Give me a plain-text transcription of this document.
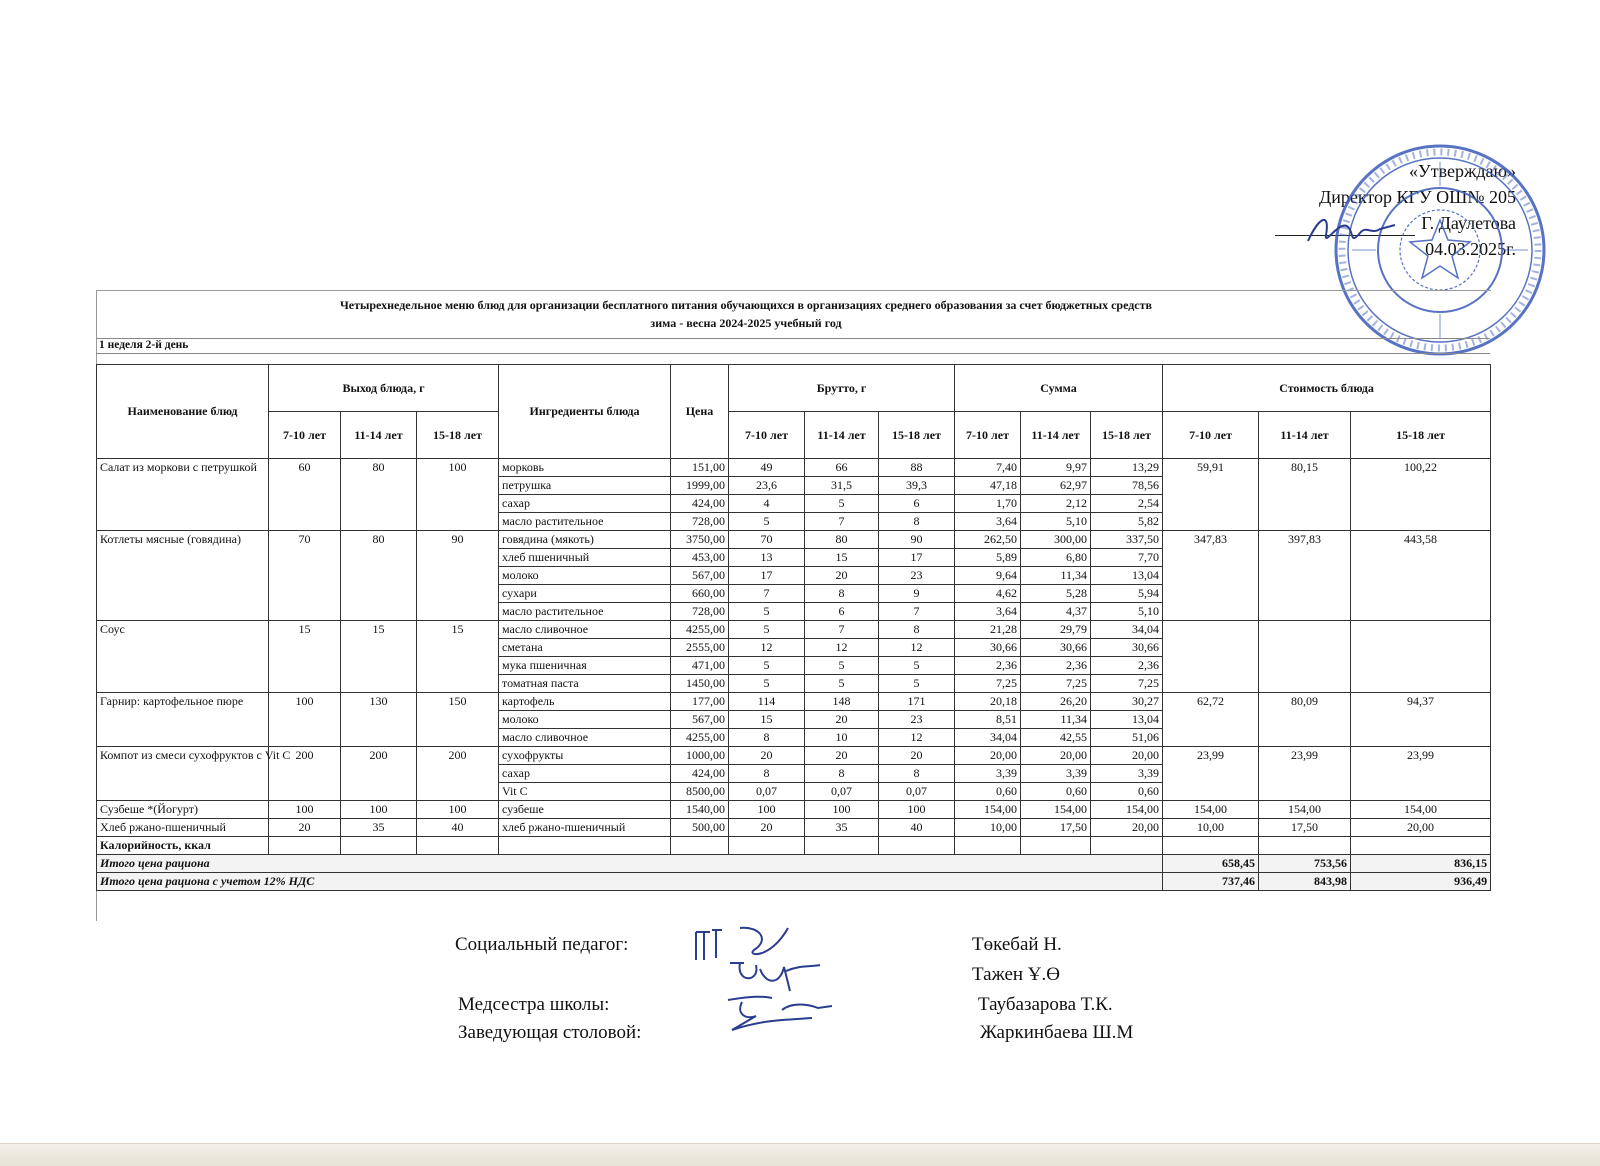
«Утверждаю»
Директор КГУ ОШ№ 205
Г. Даулетова
04.03.2025г.
Четырехнедельное меню блюд для организации бесплатного питания обучающихся в организациях среднего образования за счет бюджетных средств
зима - весна 2024-2025 учебный год
1 неделя 2-й день
Наименование блюд	Выход блюда, г			Ингредиенты блюда	Цена	Брутто, г			Сумма			Стоимость блюда		
	7-10 лет	11-14 лет	15-18 лет			7-10 лет	11-14 лет	15-18 лет	7-10 лет	11-14 лет	15-18 лет	7-10 лет	11-14 лет	15-18 лет
Салат из моркови с петрушкой	60	80	100	морковь	151,00	49	66	88	7,40	9,97	13,29	59,91	80,15	100,22
				петрушка	1999,00	23,6	31,5	39,3	47,18	62,97	78,56			
				сахар	424,00	4	5	6	1,70	2,12	2,54			
				масло растительное	728,00	5	7	8	3,64	5,10	5,82			
Котлеты мясные (говядина)	70	80	90	говядина (мякоть)	3750,00	70	80	90	262,50	300,00	337,50	347,83	397,83	443,58
				хлеб пшеничный	453,00	13	15	17	5,89	6,80	7,70			
				молоко	567,00	17	20	23	9,64	11,34	13,04			
				сухари	660,00	7	8	9	4,62	5,28	5,94			
				масло растительное	728,00	5	6	7	3,64	4,37	5,10			
Соус	15	15	15	масло сливочное	4255,00	5	7	8	21,28	29,79	34,04			
				сметана	2555,00	12	12	12	30,66	30,66	30,66			
				мука пшеничная	471,00	5	5	5	2,36	2,36	2,36			
				томатная паста	1450,00	5	5	5	7,25	7,25	7,25			
Гарнир: картофельное пюре	100	130	150	картофель	177,00	114	148	171	20,18	26,20	30,27	62,72	80,09	94,37
				молоко	567,00	15	20	23	8,51	11,34	13,04			
				масло сливочное	4255,00	8	10	12	34,04	42,55	51,06			
Компот из смеси сухофруктов с Vit C	200	200	200	сухофрукты	1000,00	20	20	20	20,00	20,00	20,00	23,99	23,99	23,99
				сахар	424,00	8	8	8	3,39	3,39	3,39			
				Vit C	8500,00	0,07	0,07	0,07	0,60	0,60	0,60			
Сузбеше *(Йогурт)	100	100	100	сузбеше	1540,00	100	100	100	154,00	154,00	154,00	154,00	154,00	154,00
Хлеб ржано-пшеничный	20	35	40	хлеб ржано-пшеничный	500,00	20	35	40	10,00	17,50	20,00	10,00	17,50	20,00
Калорийность, ккал														
Итого цена рациона												658,45	753,56	836,15
Итого цена рациона с учетом 12% НДС												737,46	843,98	936,49
Социальный педагог:	Төкебай Н.
Тажен Ұ.Ө
Медсестра школы:	Таубазарова Т.К.
Заведующая столовой:	Жаркинбаева Ш.М
